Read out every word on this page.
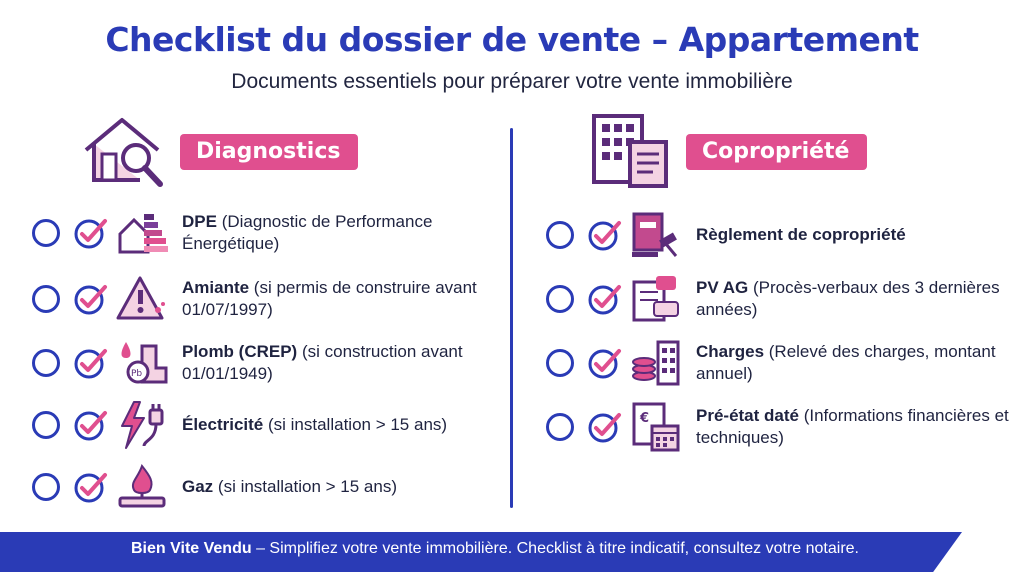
Checklist du dossier de vente – Appartement
Documents essentiels pour préparer votre vente immobilière
Diagnostics	Copropriété
DPE (Diagnostic de Performance Énergétique)
Amiante (si permis de construire avant 01/07/1997)
Pb
Plomb (CREP) (si construction avant 01/01/1949)
Électricité (si installation > 15 ans)
Gaz (si installation > 15 ans)
Règlement de copropriété
PV AG (Procès-verbaux des 3 dernières années)
Charges (Relevé des charges, montant annuel)
€	Pré-état daté (Informations financières et techniques)
Bien Vite Vendu – Simplifiez votre vente immobilière. Checklist à titre indicatif, consultez votre notaire.
